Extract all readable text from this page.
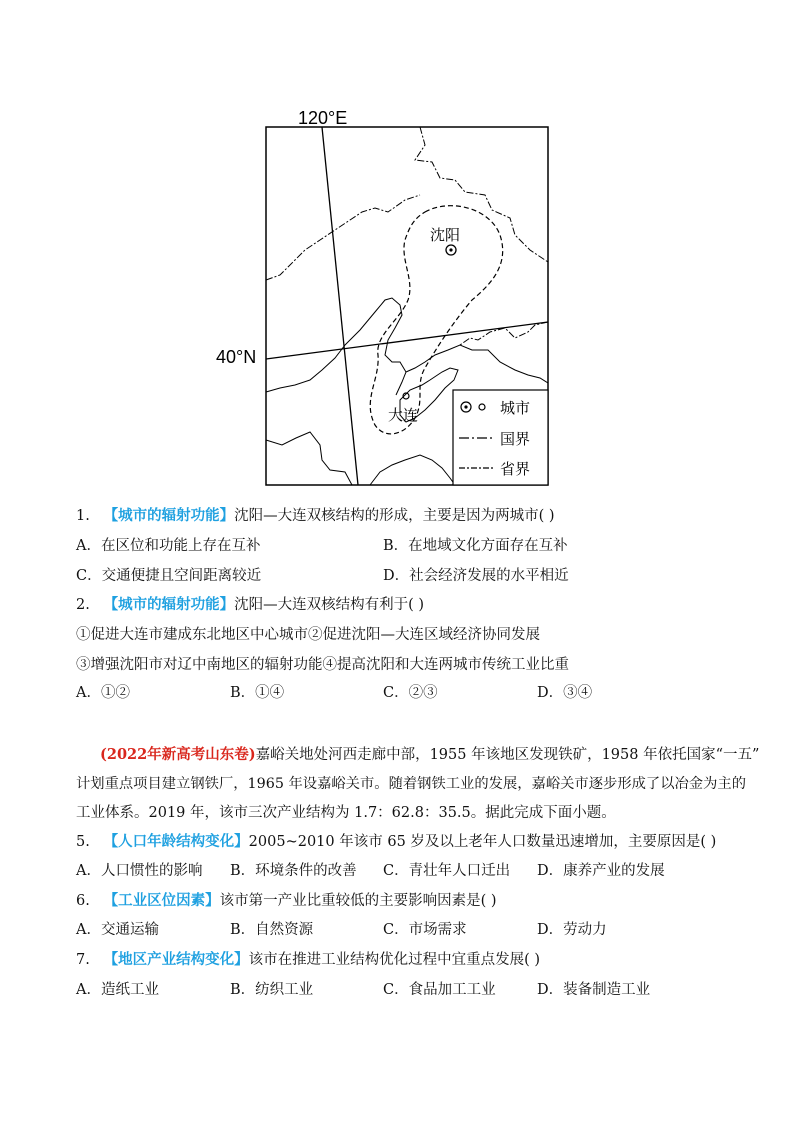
120°E
40°N
沈阳
大连	城市
国界
省界
1. 【城市的辐射功能】沈阳—大连双核结构的形成，主要是因为两城市( )
A．在区位和功能上存在互补	B．在地域文化方面存在互补
C．交通便捷且空间距离较近	D．社会经济发展的水平相近
2. 【城市的辐射功能】沈阳—大连双核结构有利于( )
①促进大连市建成东北地区中心城市②促进沈阳—大连区域经济协同发展
③增强沈阳市对辽中南地区的辐射功能④提高沈阳和大连两城市传统工业比重
A．①②	B．①④	C．②③	D．③④
(2022年新高考山东卷)嘉峪关地处河西走廊中部，1955 年该地区发现铁矿，1958 年依托国家“一五”
计划重点项目建立钢铁厂，1965 年设嘉峪关市。随着钢铁工业的发展，嘉峪关市逐步形成了以冶金为主的
工业体系。2019 年，该市三次产业结构为 1.7：62.8：35.5。据此完成下面小题。
5. 【人口年龄结构变化】2005~2010 年该市 65 岁及以上老年人口数量迅速增加，主要原因是( )
A．人口惯性的影响 B．环境条件的改善 C．青壮年人口迁出 D．康养产业的发展
6. 【工业区位因素】该市第一产业比重较低的主要影响因素是( )
A．交通运输	B．自然资源	C．市场需求	D．劳动力
7. 【地区产业结构变化】该市在推进工业结构优化过程中宜重点发展( )
A．造纸工业	B．纺织工业	C．食品加工工业	D．装备制造工业
